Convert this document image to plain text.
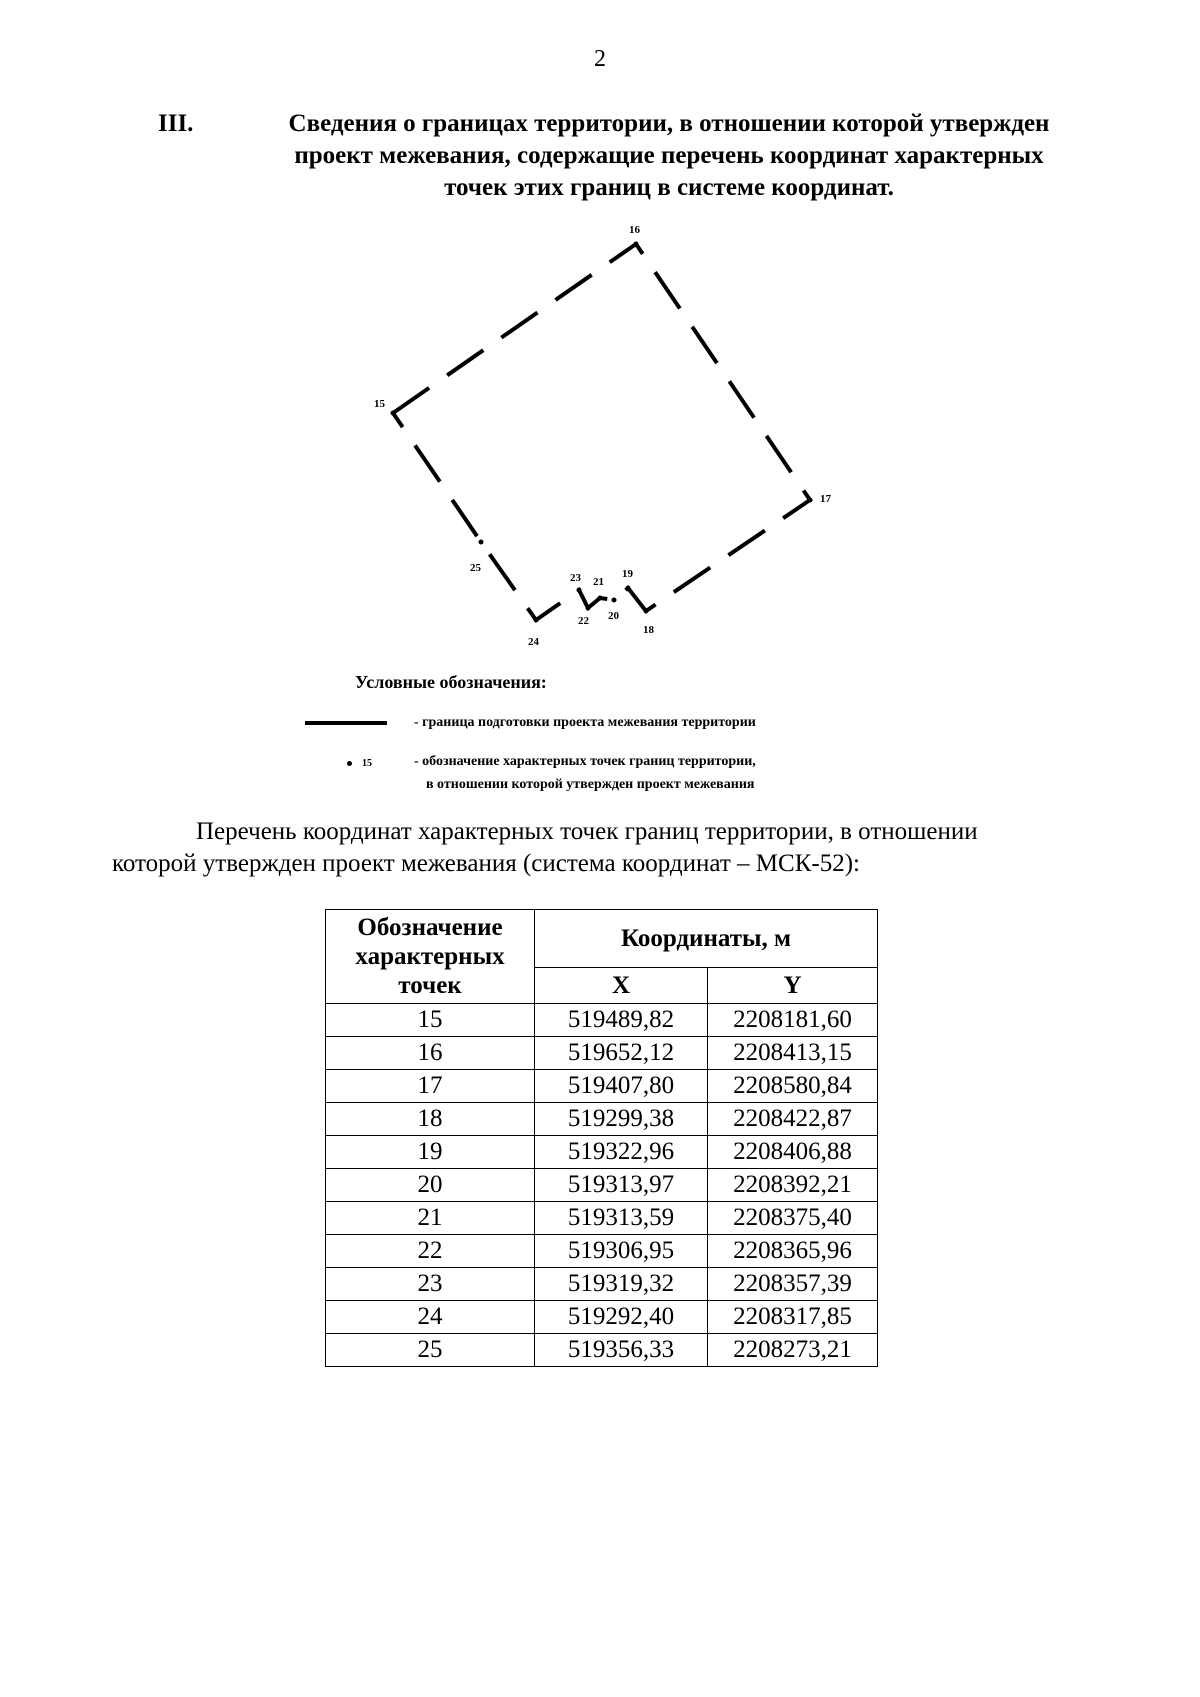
2
III.	Сведения о границах территории, в отношении которой утвержден
проект межевания, содержащие перечень координат характерных
точек этих границ в системе координат.
15
16
17
18
19
20
21
22
23
24
25
Условные обозначения:
- граница подготовки проекта межевания территории
15	- обозначение характерных точек границ территории,
в отношении которой утвержден проект межевания
Перечень координат характерных точек границ территории, в отношении
которой утвержден проект межевания (система координат – МСК-52):
Обозначение характерных точек	Координаты, м	
	X	Y
15	519489,82	2208181,60
16	519652,12	2208413,15
17	519407,80	2208580,84
18	519299,38	2208422,87
19	519322,96	2208406,88
20	519313,97	2208392,21
21	519313,59	2208375,40
22	519306,95	2208365,96
23	519319,32	2208357,39
24	519292,40	2208317,85
25	519356,33	2208273,21
